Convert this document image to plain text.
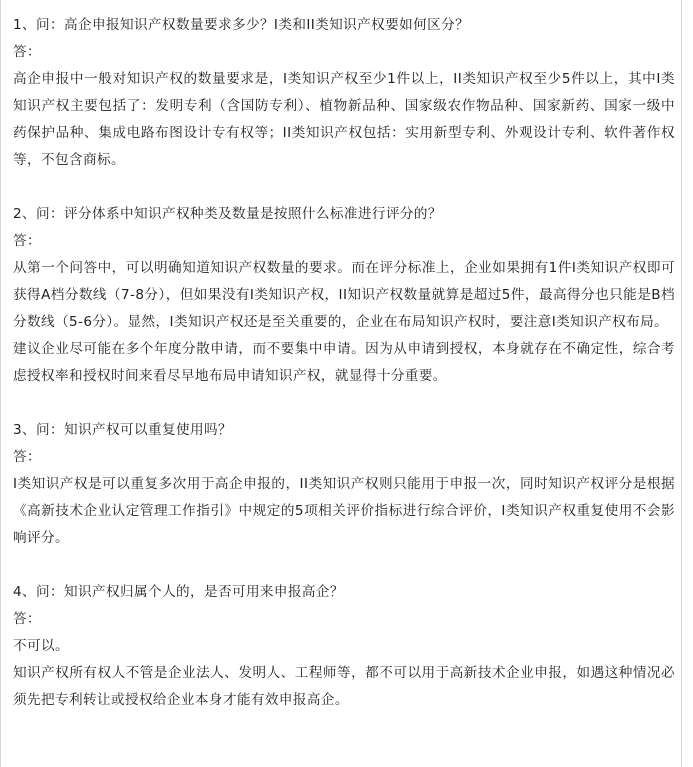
1、问：高企申报知识产权数量要求多少？I类和II类知识产权要如何区分？

答：

高企申报中一般对知识产权的数量要求是，I类知识产权至少1件以上，II类知识产权至少5件以上，其中I类知识产权主要包括了：发明专利（含国防专利）、植物新品种、国家级农作物品种、国家新药、国家一级中药保护品种、集成电路布图设计专有权等；II类知识产权包括：实用新型专利、外观设计专利、软件著作权等，不包含商标。

2、问：评分体系中知识产权种类及数量是按照什么标准进行评分的？

答：

从第一个问答中，可以明确知道知识产权数量的要求。而在评分标准上，企业如果拥有1件I类知识产权即可获得A档分数线（7-8分），但如果没有I类知识产权，II知识产权数量就算是超过5件，最高得分也只能是B档分数线（5-6分）。显然，I类知识产权还是至关重要的，企业在布局知识产权时，要注意I类知识产权布局。

建议企业尽可能在多个年度分散申请，而不要集中申请。因为从申请到授权，本身就存在不确定性，综合考虑授权率和授权时间来看尽早地布局申请知识产权，就显得十分重要。

3、问：知识产权可以重复使用吗？

答：

I类知识产权是可以重复多次用于高企申报的，II类知识产权则只能用于申报一次，同时知识产权评分是根据《高新技术企业认定管理工作指引》中规定的5项相关评价指标进行综合评价，I类知识产权重复使用不会影响评分。

4、问：知识产权归属个人的，是否可用来申报高企？

答：

不可以。

知识产权所有权人不管是企业法人、发明人、工程师等，都不可以用于高新技术企业申报，如遇这种情况必须先把专利转让或授权给企业本身才能有效申报高企。
